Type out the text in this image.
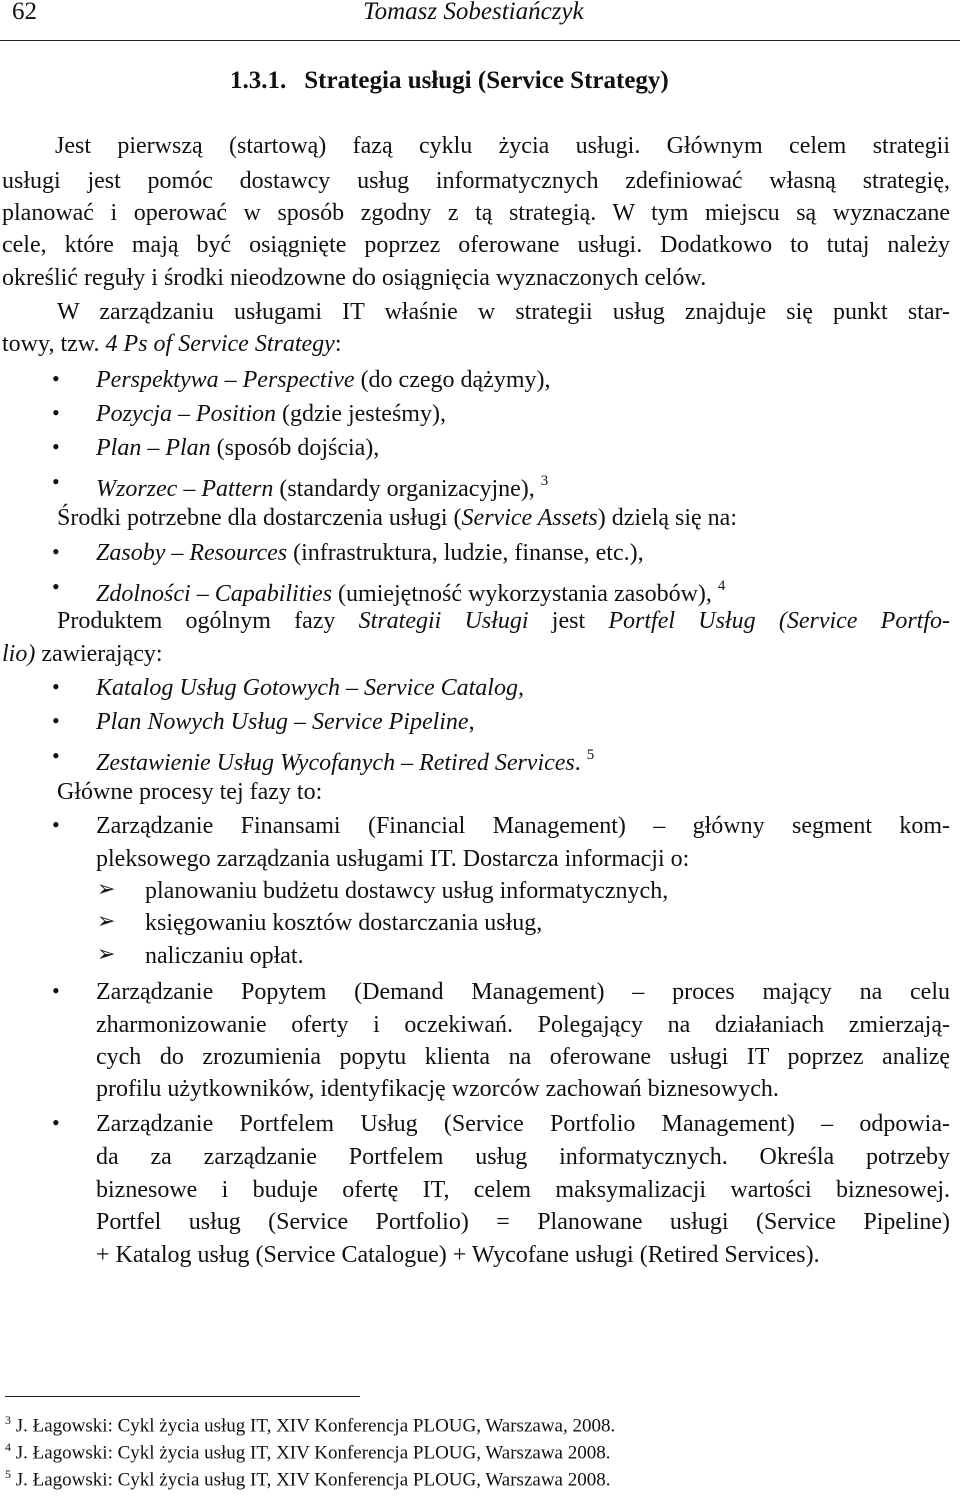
62	Tomasz Sobestiańczyk
1.3.1. Strategia usługi (Service Strategy)
Jest pierwszą (startową) fazą cyklu życia usługi. Głównym celem strategii
usługi jest pomóc dostawcy usług informatycznych zdefiniować własną strategię,
planować i operować w sposób zgodny z tą strategią. W tym miejscu są wyznaczane
cele, które mają być osiągnięte poprzez oferowane usługi. Dodatkowo to tutaj należy
określić reguły i środki nieodzowne do osiągnięcia wyznaczonych celów.
W zarządzaniu usługami IT właśnie w strategii usług znajduje się punkt star-
towy, tzw. 4 Ps of Service Strategy:
• Perspektywa – Perspective (do czego dążymy),
• Pozycja – Position (gdzie jesteśmy),
• Plan – Plan (sposób dojścia),
• Wzorzec – Pattern (standardy organizacyjne), $^3$
Środki potrzebne dla dostarczenia usługi (Service Assets) dzielą się na:
• Zasoby – Resources (infrastruktura, ludzie, finanse, etc.),
• Zdolności – Capabilities (umiejętność wykorzystania zasobów), $^4$
Produktem ogólnym fazy Strategii Usługi jest Portfel Usług (Service Portfo-
lio) zawierający:
• Katalog Usług Gotowych – Service Catalog,
• Plan Nowych Usług – Service Pipeline,
• Zestawienie Usług Wycofanych – Retired Services. $^5$
Główne procesy tej fazy to:
• Zarządzanie Finansami (Financial Management) – główny segment kom-
pleksowego zarządzania usługami IT. Dostarcza informacji o:
➢ planowaniu budżetu dostawcy usług informatycznych,
➢ księgowaniu kosztów dostarczania usług,
➢ naliczaniu opłat.
• Zarządzanie Popytem (Demand Management) – proces mający na celu
zharmonizowanie oferty i oczekiwań. Polegający na działaniach zmierzają-
cych do zrozumienia popytu klienta na oferowane usługi IT poprzez analizę
profilu użytkowników, identyfikację wzorców zachowań biznesowych.
• Zarządzanie Portfelem Usług (Service Portfolio Management) – odpowia-
da za zarządzanie Portfelem usług informatycznych. Określa potrzeby
biznesowe i buduje ofertę IT, celem maksymalizacji wartości biznesowej.
Portfel usług (Service Portfolio) = Planowane usługi (Service Pipeline)
+ Katalog usług (Service Catalogue) + Wycofane usługi (Retired Services).
$^3$ J. Łagowski: Cykl życia usług IT, XIV Konferencja PLOUG, Warszawa, 2008.
$^4$ J. Łagowski: Cykl życia usług IT, XIV Konferencja PLOUG, Warszawa 2008.
$^5$ J. Łagowski: Cykl życia usług IT, XIV Konferencja PLOUG, Warszawa 2008.
